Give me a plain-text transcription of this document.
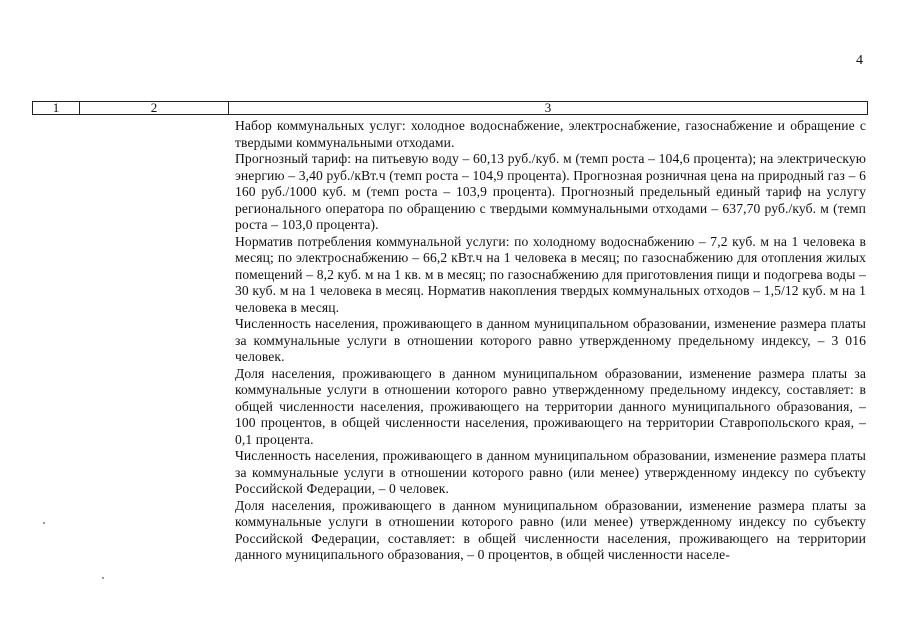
4
1	2	3

Набор коммунальных услуг: холодное водоснабжение, электроснабжение, газоснабжение и обращение с твердыми коммунальными отходами.

Прогнозный тариф: на питьевую воду – 60,13 руб./куб. м (темп роста – 104,6 процента); на электрическую энергию – 3,40 руб./кВт.ч (темп роста – 104,9 процента). Прогнозная розничная цена на природный газ – 6 160 руб./1000 куб. м (темп роста – 103,9 процента). Прогнозный предельный единый тариф на услугу регионального оператора по обращению с твердыми коммунальными отходами – 637,70 руб./куб. м (темп роста – 103,0 процента).

Норматив потребления коммунальной услуги: по холодному водоснабжению – 7,2 куб. м на 1 человека в месяц; по электроснабжению – 66,2 кВт.ч на 1 человека в месяц; по газоснабжению для отопления жилых помещений – 8,2 куб. м на 1 кв. м в месяц; по газоснабжению для приготовления пищи и подогрева воды – 30 куб. м на 1 человека в месяц. Норматив накопления твердых коммунальных отходов – 1,5/12 куб. м на 1 человека в месяц.

Численность населения, проживающего в данном муниципальном образовании, изменение размера платы за коммунальные услуги в отношении которого равно утвержденному предельному индексу, – 3 016 человек.

Доля населения, проживающего в данном муниципальном образовании, изменение размера платы за коммунальные услуги в отношении которого равно утвержденному предельному индексу, составляет: в общей численности населения, проживающего на территории данного муниципального образования, – 100 процентов, в общей численности населения, проживающего на территории Ставропольского края, – 0,1 процента.

Численность населения, проживающего в данном муниципальном образовании, изменение размера платы за коммунальные услуги в отношении которого равно (или менее) утвержденному индексу по субъекту Российской Федерации, – 0 человек.

Доля населения, проживающего в данном муниципальном образовании, изменение размера платы за коммунальные услуги в отношении которого равно (или менее) утвержденному индексу по субъекту Российской Федерации, составляет: в общей численности населения, проживающего на территории данного муниципального образования, – 0 процентов, в общей численности населе-
